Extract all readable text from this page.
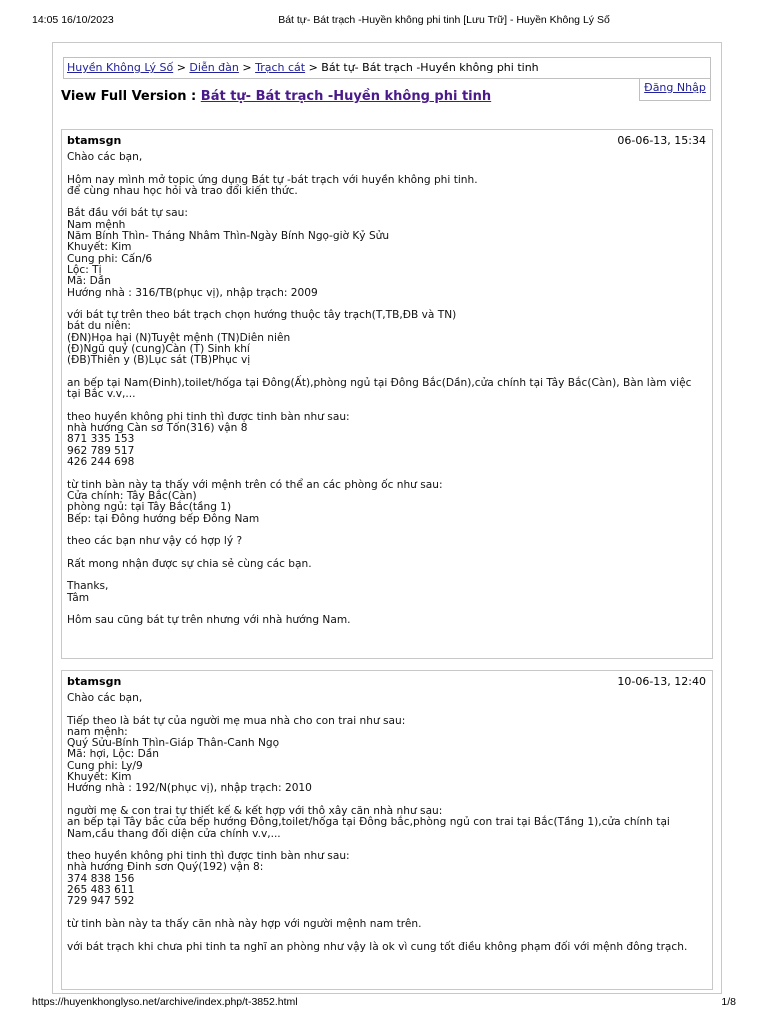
14:05 16/10/2023	Bát tự- Bát trạch -Huyền không phi tinh [Lưu Trữ] - Huyền Không Lý Số
Huyền Không Lý Số > Diễn đàn > Trạch cát > Bát tự- Bát trạch -Huyền không phi tinh
Đăng Nhập
View Full Version : Bát tự- Bát trạch -Huyền không phi tinh
btamsgn	06-06-13, 15:34
Chào các bạn,

Hôm nay mình mở topic ứng dụng Bát tự -bát trạch với huyền không phi tinh.
để cùng nhau học hỏi và trao đổi kiến thức.

Bắt đầu với bát tự sau:
Nam mệnh
Năm Bính Thìn- Tháng Nhâm Thìn-Ngày Bính Ngọ-giờ Kỷ Sửu
Khuyết: Kim
Cung phi: Cấn/6
Lộc: Tị
Mã: Dần
Hướng nhà : 316/TB(phục vị), nhập trạch: 2009

với bát tự trên theo bát trạch chọn hướng thuộc tây trạch(T,TB,ĐB và TN)
bát du niên:
(ĐN)Họa hại (N)Tuyệt mệnh (TN)Diên niên
(Đ)Ngũ quỷ (cung)Càn (T) Sinh khí
(ĐB)Thiên y (B)Lục sát (TB)Phục vị

an bếp tại Nam(Đinh),toilet/hốga tại Đông(Ất),phòng ngủ tại Đông Bắc(Dần),cửa chính tại Tây Bắc(Càn), Bàn làm việc tại Bắc v.v,...

theo huyền không phi tinh thì được tinh bàn như sau:
nhà hướng Càn sơ Tốn(316) vận 8
871 335 153
962 789 517
426 244 698

từ tinh bàn này ta thấy với mệnh trên có thể an các phòng ốc như sau:
Cửa chính: Tây Bắc(Càn)
phòng ngủ: tại Tây Bắc(tầng 1)
Bếp: tại Đông hướng bếp Đông Nam

theo các bạn như vậy có hợp lý ?

Rất mong nhận được sự chia sẻ cùng các bạn.

Thanks,
Tâm

Hôm sau cũng bát tự trên nhưng với nhà hướng Nam.
btamsgn	10-06-13, 12:40
Chào các bạn,

Tiếp theo là bát tự của người mẹ mua nhà cho con trai như sau:
nam mệnh:
Quý Sửu-Bính Thìn-Giáp Thân-Canh Ngọ
Mã: hợi, Lộc: Dần
Cung phi: Ly/9
Khuyết: Kim
Hướng nhà : 192/N(phục vị), nhập trạch: 2010

người mẹ & con trai tự thiết kế & kết hợp với thô xây căn nhà như sau:
an bếp tại Tây bắc cửa bếp hướng Đông,toilet/hốga tại Đông bắc,phòng ngủ con trai tại Bắc(Tầng 1),cửa chính tại Nam,cầu thang đối diện cửa chính v.v,...

theo huyền không phi tinh thì được tinh bàn như sau:
nhà hướng Đinh sơn Quý(192) vận 8:
374 838 156
265 483 611
729 947 592

từ tinh bàn này ta thấy căn nhà này hợp với người mệnh nam trên.

với bát trạch khi chưa phi tinh ta nghĩ an phòng như vậy là ok vì cung tốt điều không phạm đối với mệnh đông trạch.
https://huyenkhonglyso.net/archive/index.php/t-3852.html	1/8
